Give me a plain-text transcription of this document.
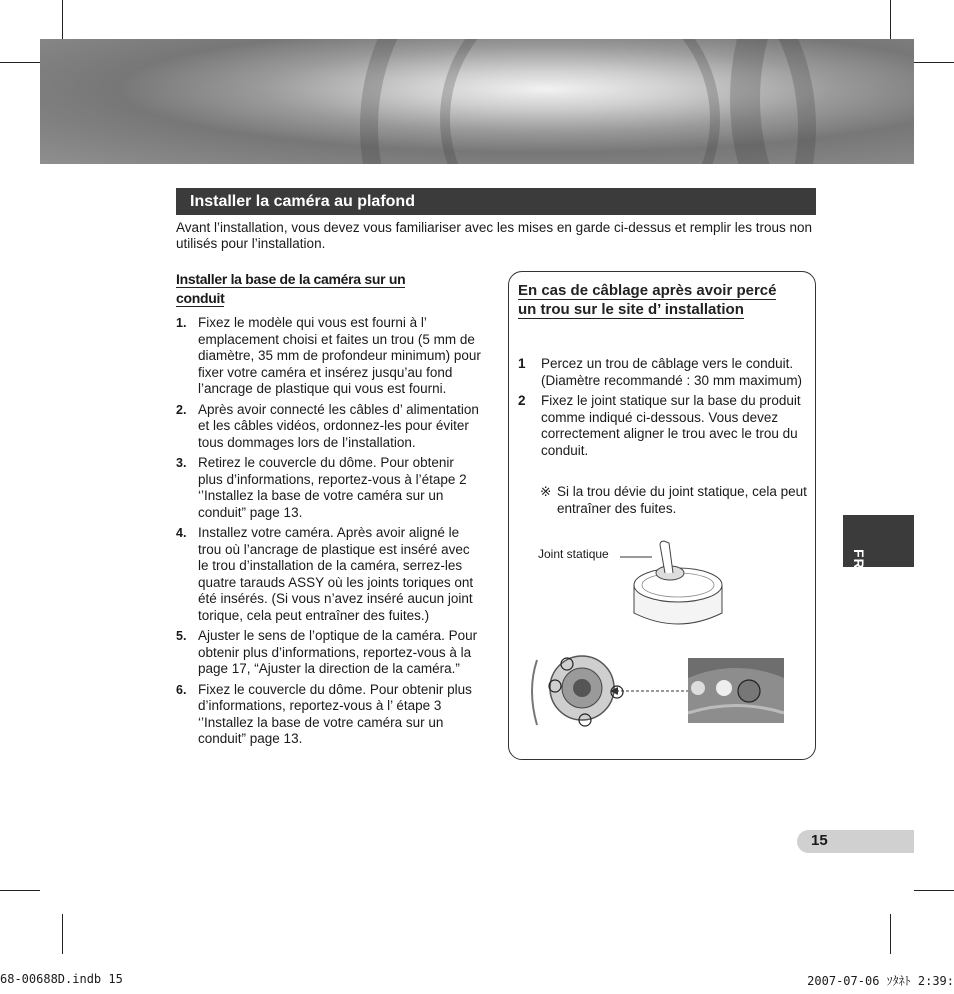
Installer la caméra au plafond
Avant l’installation, vous devez vous familiariser avec les mises en garde ci-dessus et remplir les trous non utilisés pour l’installation.
Installer la base de la caméra sur un conduit
1. Fixez le modèle qui vous est fourni à l’ emplacement choisi et faites un trou (5 mm de diamètre, 35 mm de profondeur minimum) pour fixer votre caméra et insérez jusqu’au fond l’ancrage de plastique qui vous est fourni.
2. Après avoir connecté les câbles d’ alimentation et les câbles vidéos, ordonnez-les pour éviter tous dommages lors de l’installation.
3. Retirez le couvercle du dôme. Pour obtenir plus d’informations, reportez-vous à l’étape 2 ‘’Installez la base de votre caméra sur un conduit” page 13.
4. Installez votre caméra. Après avoir aligné le trou où l’ancrage de plastique est inséré avec le trou d’installation de la caméra, serrez-les quatre tarauds ASSY où les joints toriques ont été insérés. (Si vous n’avez inséré aucun joint torique, cela peut entraîner des fuites.)
5. Ajuster le sens de l’optique de la caméra. Pour obtenir plus d’informations, reportez-vous à la page 17, “Ajuster la direction de la caméra.”
6. Fixez le couvercle du dôme. Pour obtenir plus d’informations, reportez-vous à l’ étape 3 ‘’Installez la base de votre caméra sur un conduit” page 13.
En cas de câblage après avoir percé un trou sur le site d’ installation
1 Percez un trou de câblage vers le conduit. (Diamètre recommandé : 30 mm maximum)
2 Fixez le joint statique sur la base du produit comme indiqué ci-dessous. Vous devez correctement aligner le trou avec le trou du conduit.
※ Si la trou dévie du joint statique, cela peut entraîner des fuites.
Joint statique	FRE
15
68-00688D.indb 15	2007-07-06 ｿﾀﾈﾄ 2:39:
